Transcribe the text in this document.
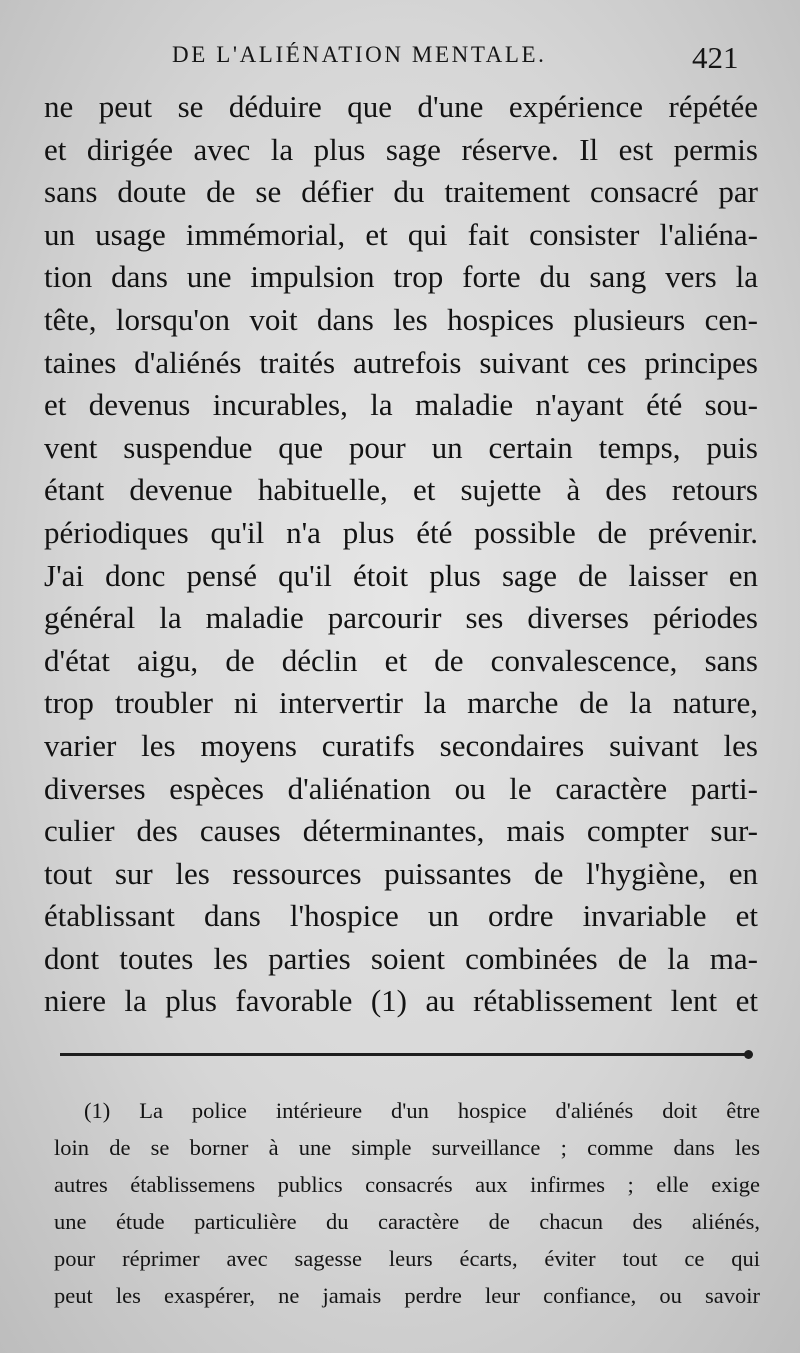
DE L'ALIÉNATION MENTALE.	421
ne peut se déduire que d'une expérience répétée
et dirigée avec la plus sage réserve. Il est permis
sans doute de se défier du traitement consacré par
un usage immémorial, et qui fait consister l'aliéna-
tion dans une impulsion trop forte du sang vers la
tête, lorsqu'on voit dans les hospices plusieurs cen-
taines d'aliénés traités autrefois suivant ces principes
et devenus incurables, la maladie n'ayant été sou-
vent suspendue que pour un certain temps, puis
étant devenue habituelle, et sujette à des retours
périodiques qu'il n'a plus été possible de prévenir.
J'ai donc pensé qu'il étoit plus sage de laisser en
général la maladie parcourir ses diverses périodes
d'état aigu, de déclin et de convalescence, sans
trop troubler ni intervertir la marche de la nature,
varier les moyens curatifs secondaires suivant les
diverses espèces d'aliénation ou le caractère parti-
culier des causes déterminantes, mais compter sur-
tout sur les ressources puissantes de l'hygiène, en
établissant dans l'hospice un ordre invariable et
dont toutes les parties soient combinées de la ma-
niere la plus favorable (1) au rétablissement lent et
(1) La police intérieure d'un hospice d'aliénés doit être
loin de se borner à une simple surveillance ; comme dans les
autres établissemens publics consacrés aux infirmes ; elle exige
une étude particulière du caractère de chacun des aliénés,
pour réprimer avec sagesse leurs écarts, éviter tout ce qui
peut les exaspérer, ne jamais perdre leur confiance, ou savoir
